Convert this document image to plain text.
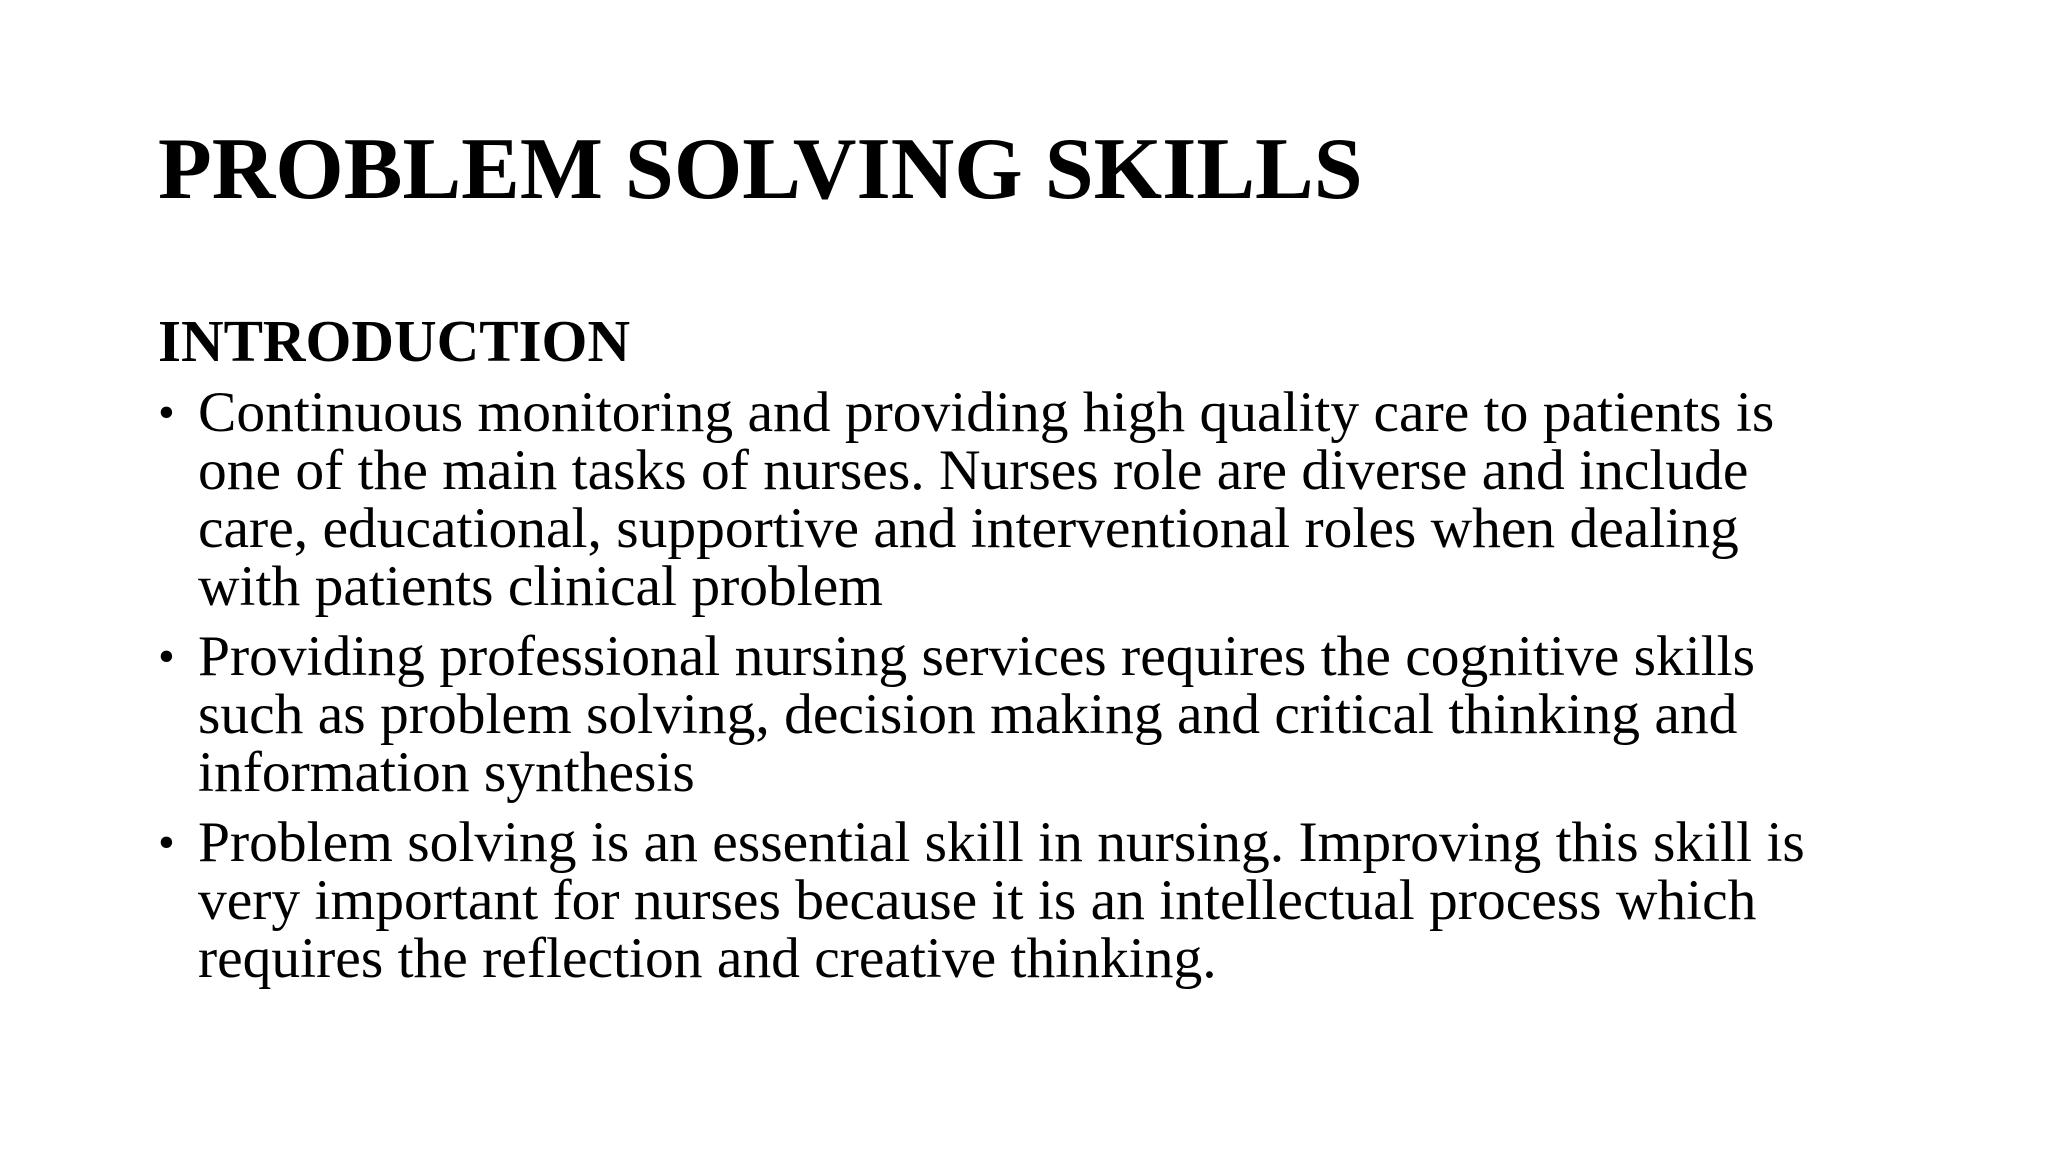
PROBLEM SOLVING SKILLS
INTRODUCTION
• Continuous monitoring and providing high quality care to patients is
one of the main tasks of nurses. Nurses role are diverse and include
care, educational, supportive and interventional roles when dealing
with patients clinical problem
• Providing professional nursing services requires the cognitive skills
such as problem solving, decision making and critical thinking and
information synthesis
• Problem solving is an essential skill in nursing. Improving this skill is
very important for nurses because it is an intellectual process which
requires the reflection and creative thinking.
